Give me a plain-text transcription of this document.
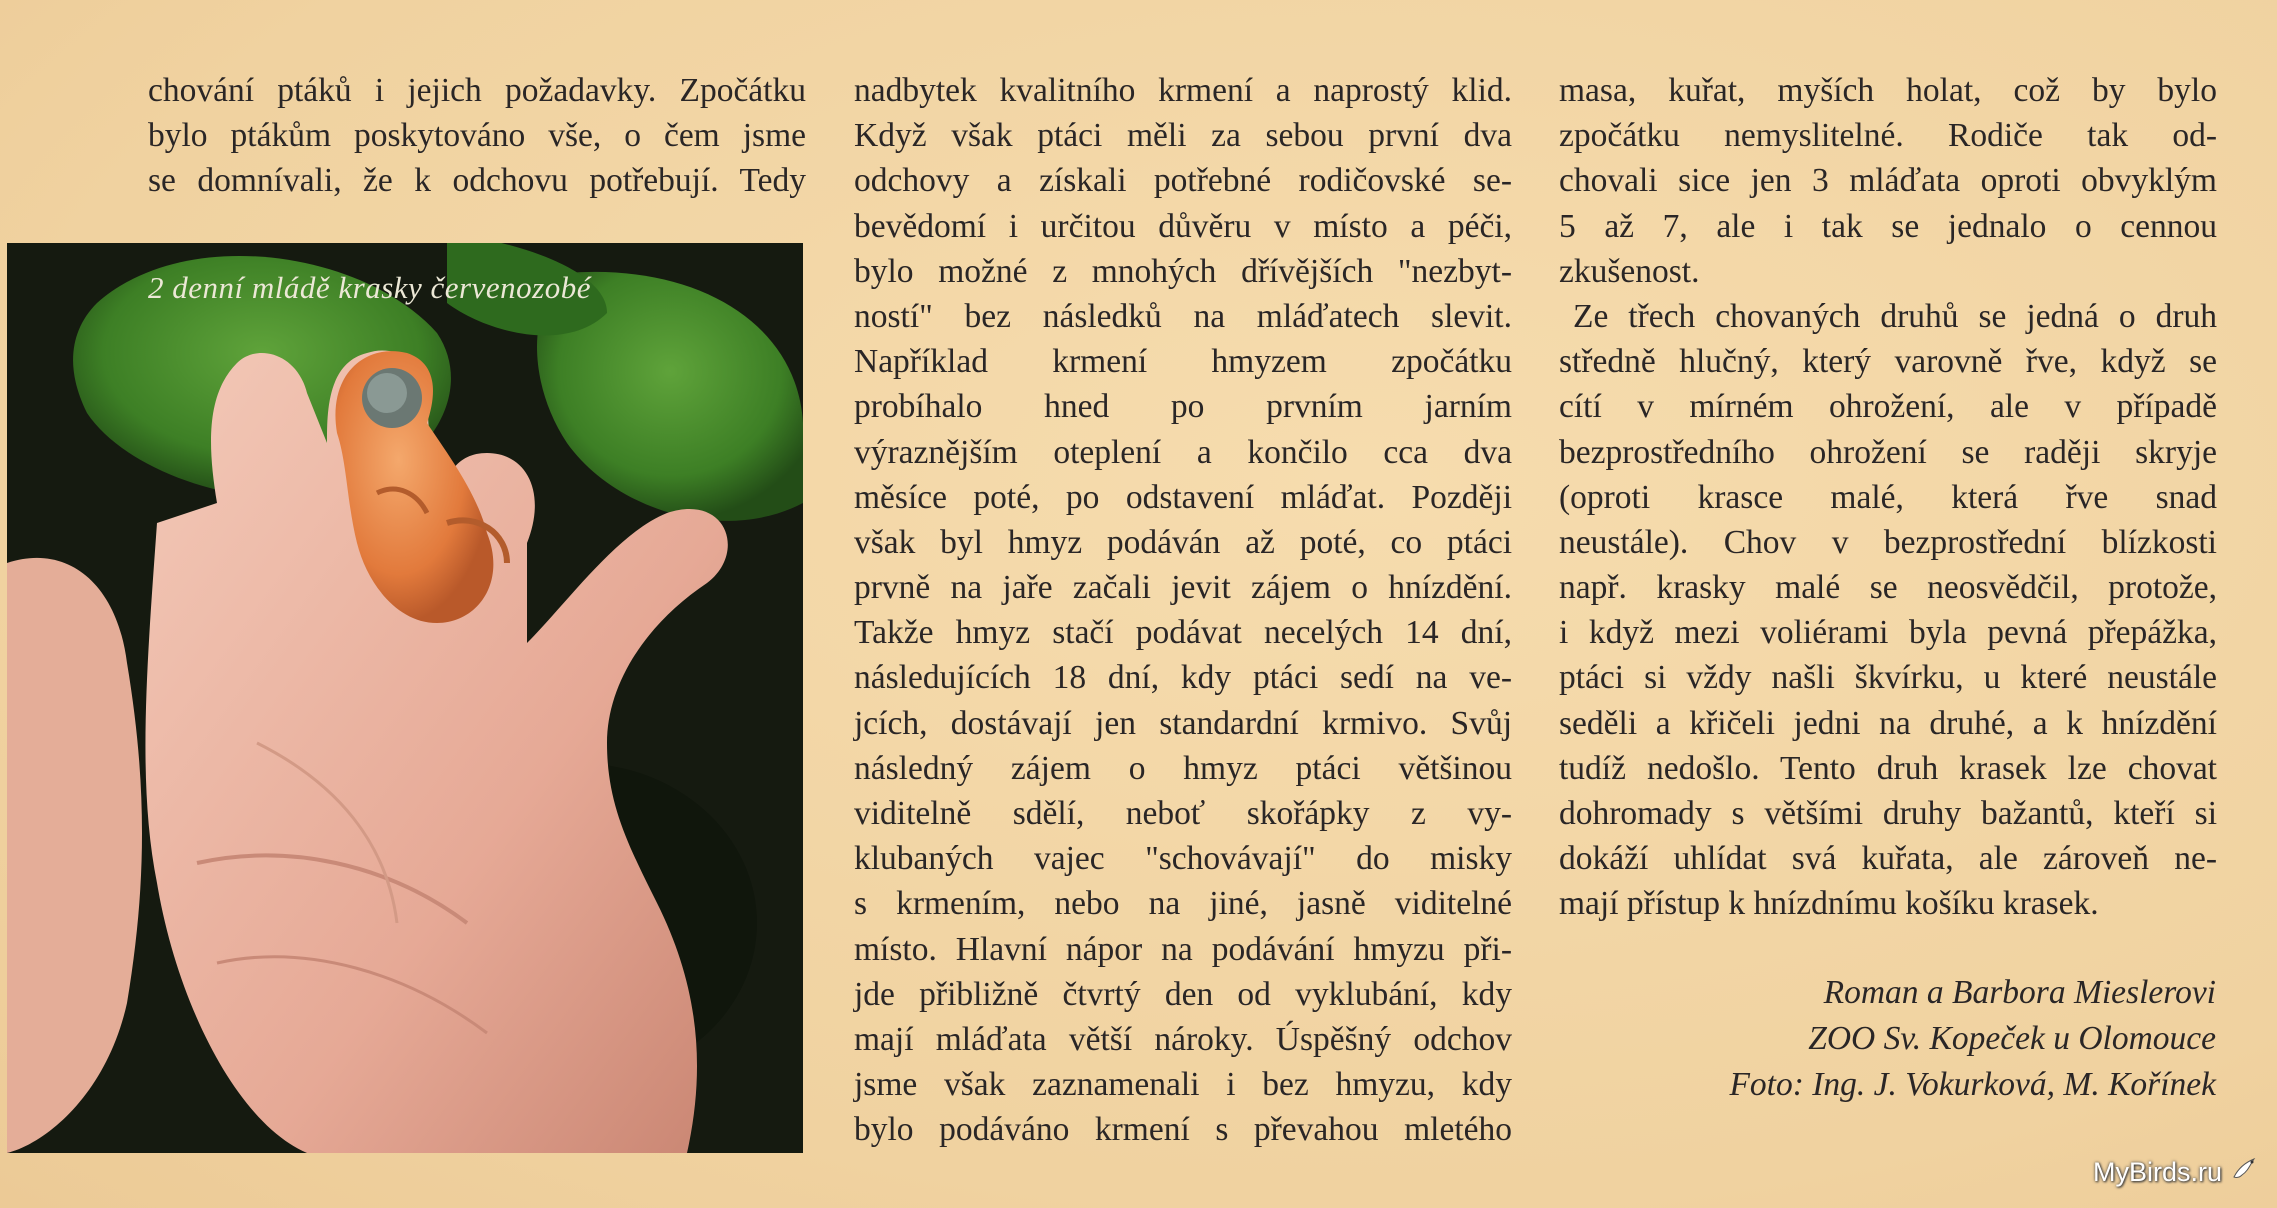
chování ptáků i jejich požadavky. Zpočátku
bylo ptákům poskytováno vše, o čem jsme
se domnívali, že k odchovu potřebují. Tedy
nadbytek kvalitního krmení a naprostý klid.
Když však ptáci měli za sebou první dva
odchovy a získali potřebné rodičovské se-
bevědomí i určitou důvěru v místo a péči,
bylo možné z mnohých dřívějších "nezbyt-
ností" bez následků na mláďatech slevit.
Například krmení hmyzem zpočátku
probíhalo hned po prvním jarním
výraznějším oteplení a končilo cca dva
měsíce poté, po odstavení mláďat. Později
však byl hmyz podáván až poté, co ptáci
prvně na jaře začali jevit zájem o hnízdění.
Takže hmyz stačí podávat necelých 14 dní,
následujících 18 dní, kdy ptáci sedí na ve-
jcích, dostávají jen standardní krmivo. Svůj
následný zájem o hmyz ptáci většinou
viditelně sdělí, neboť skořápky z vy-
klubaných vajec "schovávají" do misky
s krmením, nebo na jiné, jasně viditelné
místo. Hlavní nápor na podávání hmyzu při-
jde přibližně čtvrtý den od vyklubání, kdy
mají mláďata větší nároky. Úspěšný odchov
jsme však zaznamenali i bez hmyzu, kdy
bylo podáváno krmení s převahou mletého
masa, kuřat, myších holat, což by bylo
zpočátku nemyslitelné. Rodiče tak od-
chovali sice jen 3 mláďata oproti obvyklým
5 až 7, ale i tak se jednalo o cennou
zkušenost.
Ze třech chovaných druhů se jedná o druh
středně hlučný, který varovně řve, když se
cítí v mírném ohrožení, ale v případě
bezprostředního ohrožení se raději skryje
(oproti krasce malé, která řve snad
neustále). Chov v bezprostřední blízkosti
např. krasky malé se neosvědčil, protože,
i když mezi voliérami byla pevná přepážka,
ptáci si vždy našli škvírku, u které neustále
seděli a křičeli jedni na druhé, a k hnízdění
tudíž nedošlo. Tento druh krasek lze chovat
dohromady s většími druhy bažantů, kteří si
dokáží uhlídat svá kuřata, ale zároveň ne-
mají přístup k hnízdnímu košíku krasek.
2 denní mládě krasky červenozobé
Roman a Barbora Mieslerovi
ZOO Sv. Kopeček u Olomouce
Foto: Ing. J. Vokurková, M. Kořínek
MyBirds.ru
